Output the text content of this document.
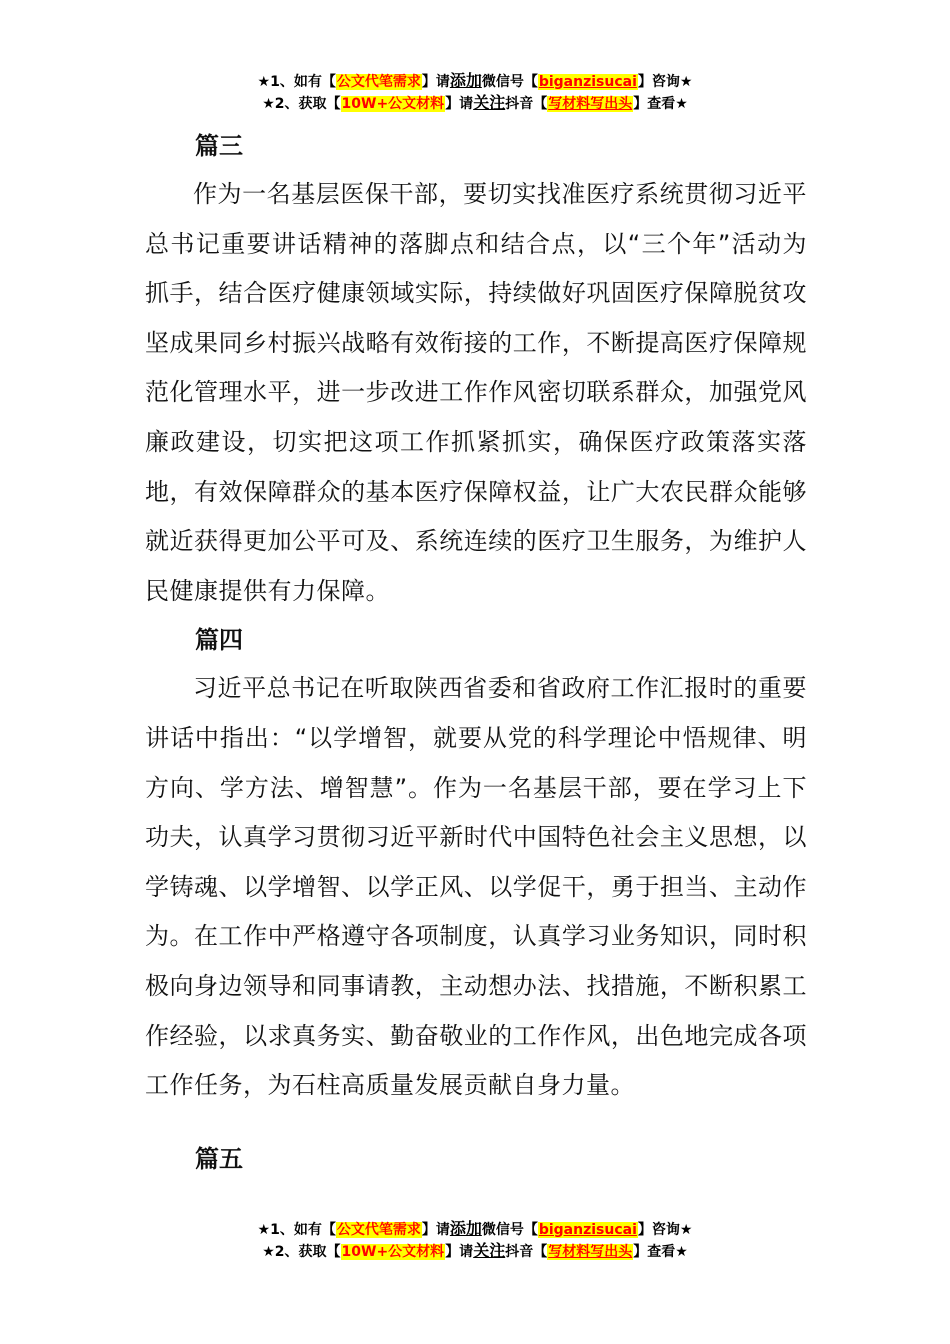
★1、如有【公文代笔需求】请添加微信号【biganzisucai】咨询★
★2、获取【10W+公文材料】请关注抖音【写材料写出头】查看★
篇三

作为一名基层医保干部，要切实找准医疗系统贯彻习近平总书记重要讲话精神的落脚点和结合点，以“三个年”活动为抓手，结合医疗健康领域实际，持续做好巩固医疗保障脱贫攻坚成果同乡村振兴战略有效衔接的工作，不断提高医疗保障规范化管理水平，进一步改进工作作风密切联系群众，加强党风廉政建设，切实把这项工作抓紧抓实，确保医疗政策落实落地，有效保障群众的基本医疗保障权益，让广大农民群众能够就近获得更加公平可及、系统连续的医疗卫生服务，为维护人民健康提供有力保障。

篇四

习近平总书记在听取陕西省委和省政府工作汇报时的重要讲话中指出：“以学增智，就要从党的科学理论中悟规律、明方向、学方法、增智慧”。作为一名基层干部，要在学习上下功夫，认真学习贯彻习近平新时代中国特色社会主义思想，以学铸魂、以学增智、以学正风、以学促干，勇于担当、主动作为。在工作中严格遵守各项制度，认真学习业务知识，同时积极向身边领导和同事请教，主动想办法、找措施，不断积累工作经验，以求真务实、勤奋敬业的工作作风，出色地完成各项工作任务，为石柱高质量发展贡献自身力量。

篇五
★1、如有【公文代笔需求】请添加微信号【biganzisucai】咨询★
★2、获取【10W+公文材料】请关注抖音【写材料写出头】查看★
